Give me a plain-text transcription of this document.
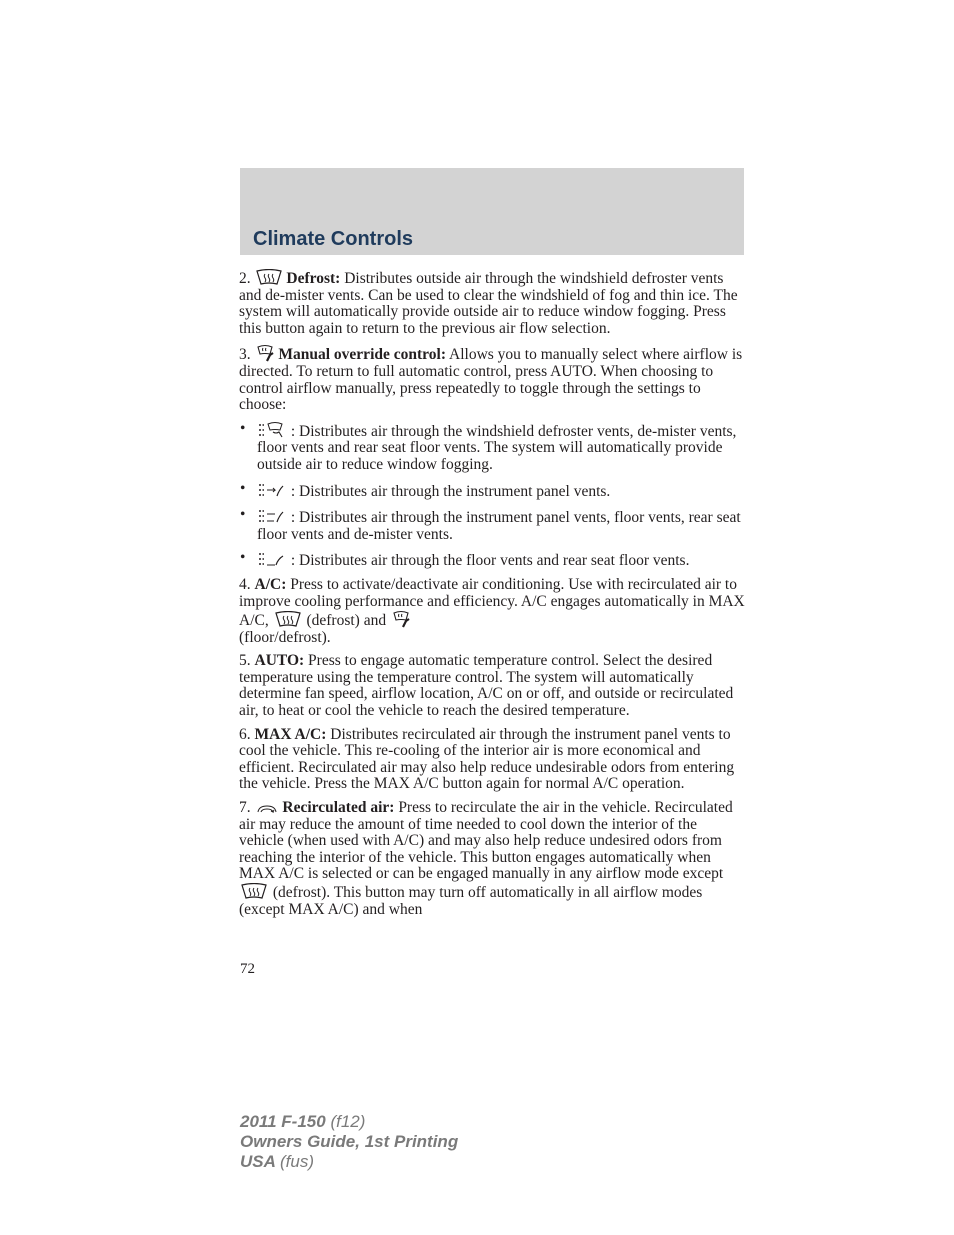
Climate Controls

2. Defrost: Distributes outside air through the windshield defroster vents and de-mister vents. Can be used to clear the windshield of fog and thin ice. The system will automatically provide outside air to reduce window fogging. Press this button again to return to the previous air flow selection.

3. Manual override control: Allows you to manually select where airflow is directed. To return to full automatic control, press AUTO. When choosing to control airflow manually, press repeatedly to toggle through the settings to choose:

•	: Distributes air through the windshield defroster vents, de-mister vents, floor vents and rear seat floor vents. The system will automatically provide outside air to reduce window fogging.
•	: Distributes air through the instrument panel vents.
•	: Distributes air through the instrument panel vents, floor vents, rear seat floor vents and de-mister vents.
•	: Distributes air through the floor vents and rear seat floor vents.

4. A/C: Press to activate/deactivate air conditioning. Use with recirculated air to improve cooling performance and efficiency. A/C engages automatically in MAX A/C, (defrost) and

(floor/defrost).

5. AUTO: Press to engage automatic temperature control. Select the desired temperature using the temperature control. The system will automatically determine fan speed, airflow location, A/C on or off, and outside or recirculated air, to heat or cool the vehicle to reach the desired temperature.

6. MAX A/C: Distributes recirculated air through the instrument panel vents to cool the vehicle. This re-cooling of the interior air is more economical and efficient. Recirculated air may also help reduce undesirable odors from entering the vehicle. Press the MAX A/C button again for normal A/C operation.

7. Recirculated air: Press to recirculate the air in the vehicle. Recirculated air may reduce the amount of time needed to cool down the interior of the vehicle (when used with A/C) and may also help reduce undesired odors from reaching the interior of the vehicle. This button engages automatically when MAX A/C is selected or can be engaged manually in any airflow mode except
(defrost). This button may turn off automatically in all airflow modes (except MAX A/C) and when

72
2011 F-150 (f12)
Owners Guide, 1st Printing
USA (fus)
